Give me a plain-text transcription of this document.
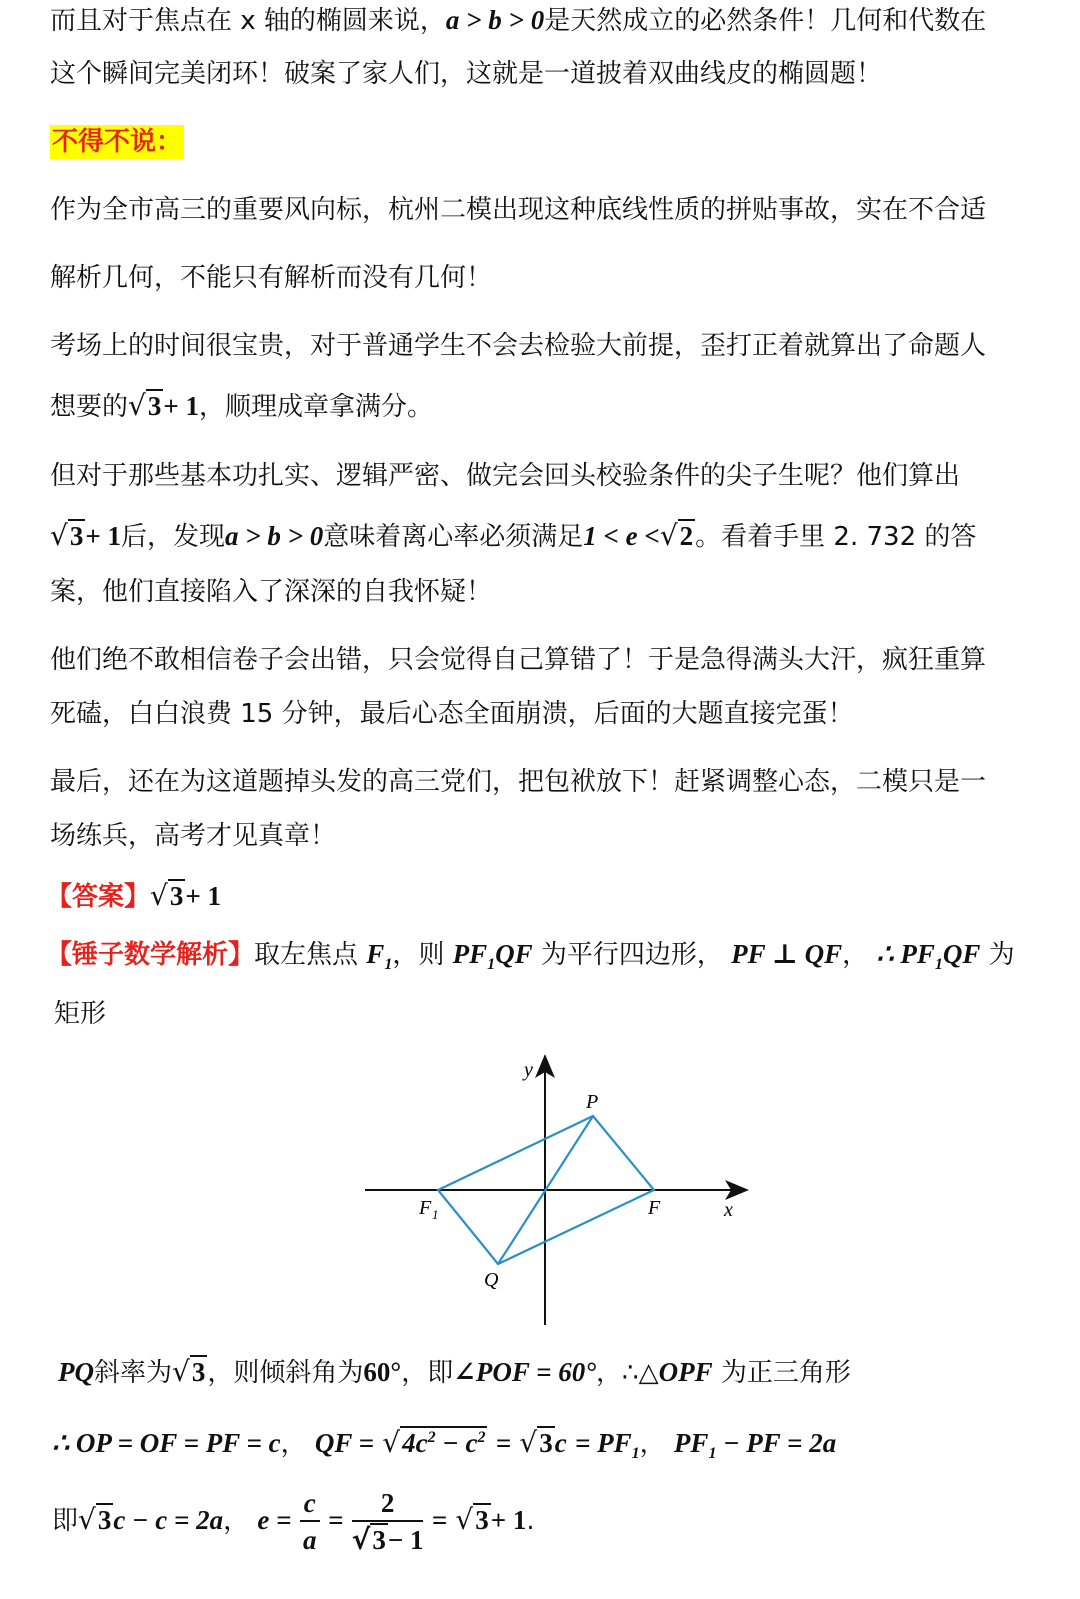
而且对于焦点在 x 轴的椭圆来说，a > b > 0是天然成立的必然条件！几何和代数在
这个瞬间完美闭环！破案了家人们，这就是一道披着双曲线皮的椭圆题！
不得不说：
作为全市高三的重要风向标，杭州二模出现这种底线性质的拼贴事故，实在不合适
解析几何，不能只有解析而没有几何！
考场上的时间很宝贵，对于普通学生不会去检验大前提，歪打正着就算出了命题人
想要的√3+ 1，顺理成章拿满分。
但对于那些基本功扎实、逻辑严密、做完会回头校验条件的尖子生呢？他们算出
√3+ 1后，发现a > b > 0意味着离心率必须满足1 < e <√2。看着手里 2. 732 的答
案，他们直接陷入了深深的自我怀疑！
他们绝不敢相信卷子会出错，只会觉得自己算错了！于是急得满头大汗，疯狂重算
死磕，白白浪费 15 分钟，最后心态全面崩溃，后面的大题直接完蛋！
最后，还在为这道题掉头发的高三党们，把包袱放下！赶紧调整心态，二模只是一
场练兵，高考才见真章！
【答案】√3+ 1
【锤子数学解析】取左焦点 $F_1$，则 $PF_1QF$ 为平行四边形， PF ⊥ QF， ∴ $PF_1QF$ 为
矩形
y
x
P
Q
F 1	F
PQ斜率为√3，则倾斜角为60°，即∠POF = 60°，∴△OPF 为正三角形
∴ OP = OF = PF = c， QF = $√4c^2 - c^2 = √3c = PF_1$， $PF_1$ − PF = 2a
即√3c − c = 2a， $e = \frac{c}{a} = \frac{2}{√3- 1} = √3+ 1$.
